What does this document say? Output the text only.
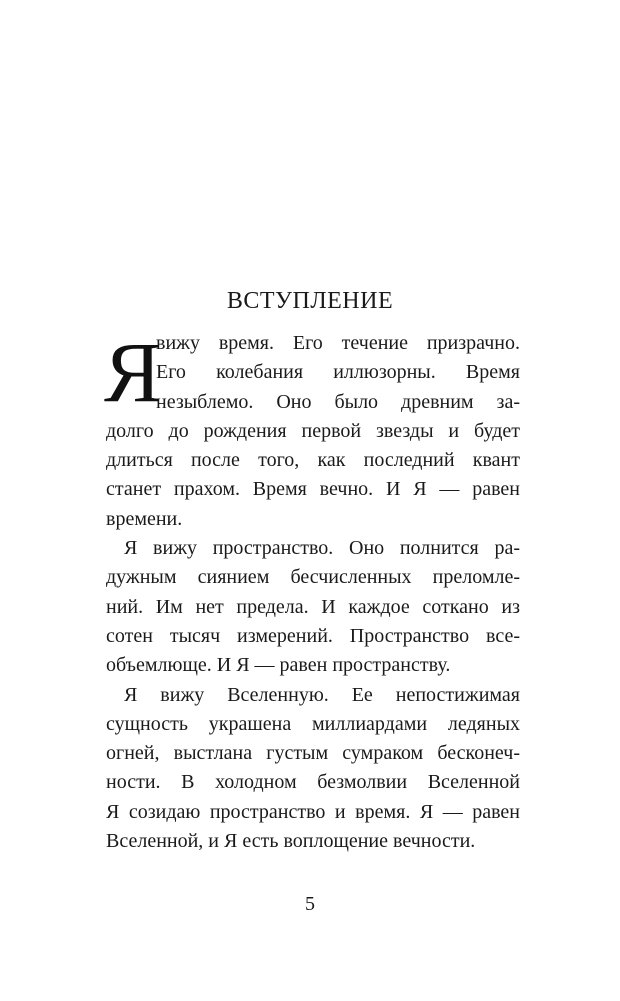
ВСТУПЛЕНИЕ
Я
вижу время. Его течение призрачно.
Его колебания иллюзорны. Время
незыблемо. Оно было древним за-
долго до рождения первой звезды и будет
длиться после того, как последний квант
станет прахом. Время вечно. И Я — равен
времени.
Я вижу пространство. Оно полнится ра-
дужным сиянием бесчисленных преломле-
ний. Им нет предела. И каждое соткано из
сотен тысяч измерений. Пространство все-
объемлюще. И Я — равен пространству.
Я вижу Вселенную. Ее непостижимая
сущность украшена миллиардами ледяных
огней, выстлана густым сумраком бесконеч-
ности. В холодном безмолвии Вселенной
Я созидаю пространство и время. Я — равен
Вселенной, и Я есть воплощение вечности.
5
